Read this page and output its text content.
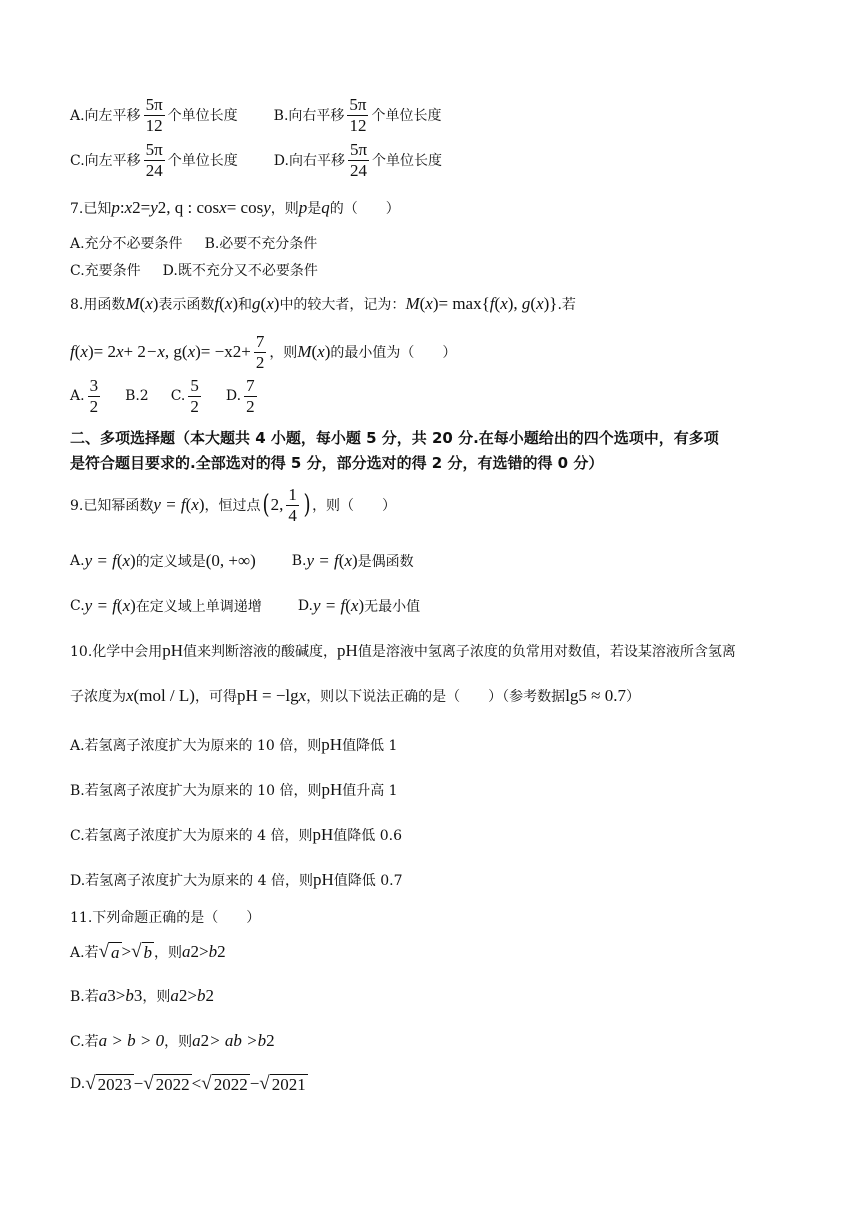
A.向左平移 $\frac{5\pi}{12}$ 个单位长度	B.向右平移 $\frac{5\pi}{12}$ 个单位长度
C.向左平移 $\frac{5\pi}{24}$ 个单位长度	D.向右平移 $\frac{5\pi}{24}$ 个单位长度
7.已知 p : x 2 = y 2 , q : cos x = cos y ，则 p 是 q 的（　　）
A.充分不必要条件 B.必要不充分条件
C.充要条件 D.既不充分又不必要条件
8.用函数 M ( x ) 表示函数 f ( x ) 和 g ( x ) 中的较大者，记为： M ( x ) = max { f ( x ), g ( x )} .若
f ( x ) = 2 x + 2 −x , g ( x ) = −x $2 + \frac{7}{2}$ ，则 M ( x ) 的最小值为（　　）
A. $\frac{3}{2} B.2$ C. $\frac{5}{2} D$. $\frac{7}{2}$
二、多项选择题（本大题共 4 小题，每小题 5 分，共 20 分.在每小题给出的四个选项中，有多项
是符合题目要求的.全部选对的得 5 分，部分选对的得 2 分，有选错的得 0 分）
9.已知幂函数 y = f ( x ) ，恒过点 ( 2, $\frac{1}{4}$ ) ，则（　　）
A. y = f ( x ) 的定义域是 ( 0, +∞ )	B. y = f ( x ) 是偶函数
C. y = f ( x ) 在定义域上单调递增	D. y = f ( x ) 无最小值
10.化学中会用 pH 值来判断溶液的酸碱度， pH 值是溶液中氢离子浓度的负常用对数值，若设某溶液所含氢离
子浓度为 x ( mol / L ) ，可得 pH = −lg x ，则以下说法正确的是（　　）（参考数据 lg5 ≈ 0.7 ）
A.若氢离子浓度扩大为原来的 10 倍，则 pH 值降低 1
B.若氢离子浓度扩大为原来的 10 倍，则 pH 值升高 1
C.若氢离子浓度扩大为原来的 4 倍，则 pH 值降低 0.6
D.若氢离子浓度扩大为原来的 4 倍，则 pH 值降低 0.7
11.下列命题正确的是（　　）
A.若 √ a > √ b ，则 a 2 > b 2
B.若 a 3 > b 3 ，则 a 2 > b 2
C.若 a > b > 0 ，则 a 2 > ab > b 2
D. √ 2023 − √ 2022 < √ 2022 − √ 2021
